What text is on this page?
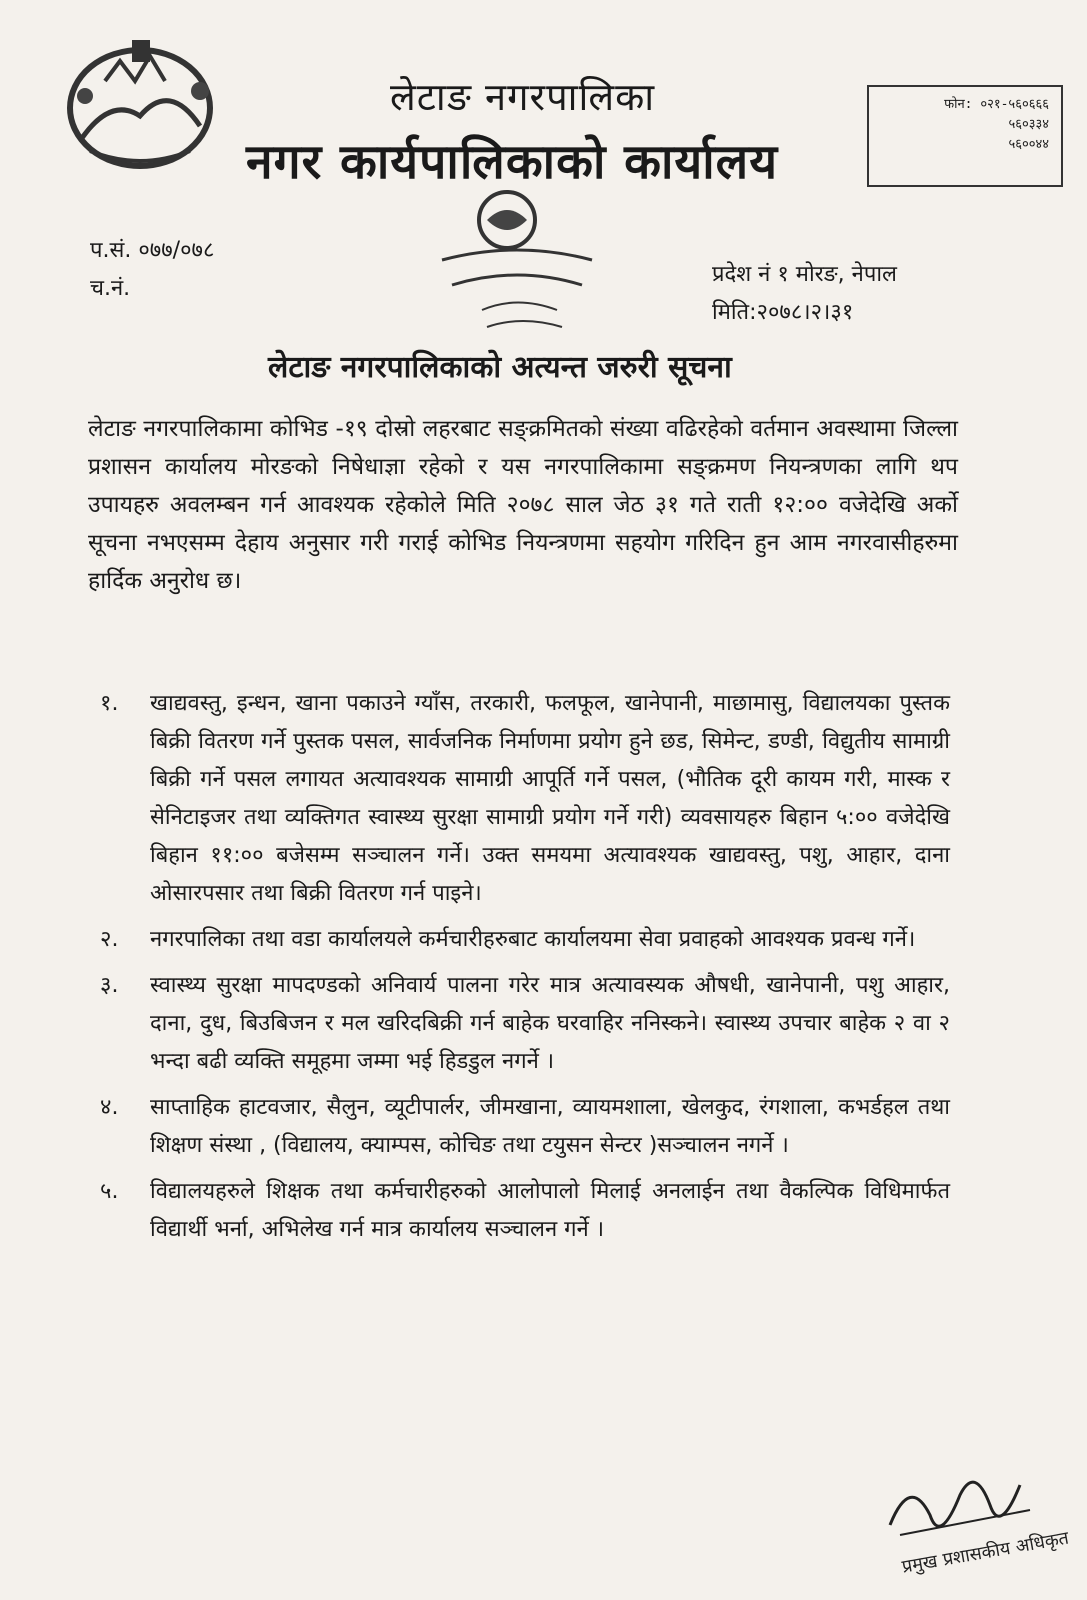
लेटाङ नगरपालिका
नगर कार्यपालिकाको कार्यालय
फोन: ०२१-५६०६६६
५६०३३४
५६००४४
प.सं. ०७७/०७८
च.नं.
प्रदेश नं १ मोरङ, नेपाल
मिति:२०७८।२।३१
लेटाङ नगरपालिकाको अत्यन्त जरुरी सूचना

लेटाङ नगरपालिकामा कोभिड -१९ दोस्रो लहरबाट सङ्क्रमितको संख्या वढिरहेको वर्तमान अवस्थामा जिल्ला प्रशासन कार्यालय मोरङको निषेधाज्ञा रहेको र यस नगरपालिकामा सङ्क्रमण नियन्त्रणका लागि थप उपायहरु अवलम्बन गर्न आवश्यक रहेकोले मिति २०७८ साल जेठ ३१ गते राती १२:०० वजेदेखि अर्को सूचना नभएसम्म देहाय अनुसार गरी गराई कोभिड नियन्त्रणमा सहयोग गरिदिन हुन आम नगरवासीहरुमा हार्दिक अनुरोध छ।

१.	खाद्यवस्तु, इन्धन, खाना पकाउने ग्याँस, तरकारी, फलफूल, खानेपानी, माछामासु, विद्यालयका पुस्तक बिक्री वितरण गर्ने पुस्तक पसल, सार्वजनिक निर्माणमा प्रयोग हुने छड, सिमेन्ट, डण्डी, विद्युतीय सामाग्री बिक्री गर्ने पसल लगायत अत्यावश्यक सामाग्री आपूर्ति गर्ने पसल, (भौतिक दूरी कायम गरी, मास्क र सेनिटाइजर तथा व्यक्तिगत स्वास्थ्य सुरक्षा सामाग्री प्रयोग गर्ने गरी) व्यवसायहरु बिहान ५:०० वजेदेखि बिहान ११:०० बजेसम्म सञ्चालन गर्ने। उक्त समयमा अत्यावश्यक खाद्यवस्तु, पशु, आहार, दाना ओसारपसार तथा बिक्री वितरण गर्न पाइने।
२.	नगरपालिका तथा वडा कार्यालयले कर्मचारीहरुबाट कार्यालयमा सेवा प्रवाहको आवश्यक प्रवन्ध गर्ने।
३.	स्वास्थ्य सुरक्षा मापदण्डको अनिवार्य पालना गरेर मात्र अत्यावस्यक औषधी, खानेपानी, पशु आहार, दाना, दुध, बिउबिजन र मल खरिदबिक्री गर्न बाहेक घरवाहिर ननिस्कने। स्वास्थ्य उपचार बाहेक २ वा २ भन्दा बढी व्यक्ति समूहमा जम्मा भई हिडडुल नगर्ने ।
४.	साप्ताहिक हाटवजार, सैलुन, व्यूटीपार्लर, जीमखाना, व्यायमशाला, खेलकुद, रंगशाला, कभर्डहल तथा शिक्षण संस्था , (विद्यालय, क्याम्पस, कोचिङ तथा टयुसन सेन्टर )सञ्चालन नगर्ने ।
५.	विद्यालयहरुले शिक्षक तथा कर्मचारीहरुको आलोपालो मिलाई अनलाईन तथा वैकल्पिक विधिमार्फत विद्यार्थी भर्ना, अभिलेख गर्न मात्र कार्यालय सञ्चालन गर्ने ।
प्रमुख प्रशासकीय अधिकृत
